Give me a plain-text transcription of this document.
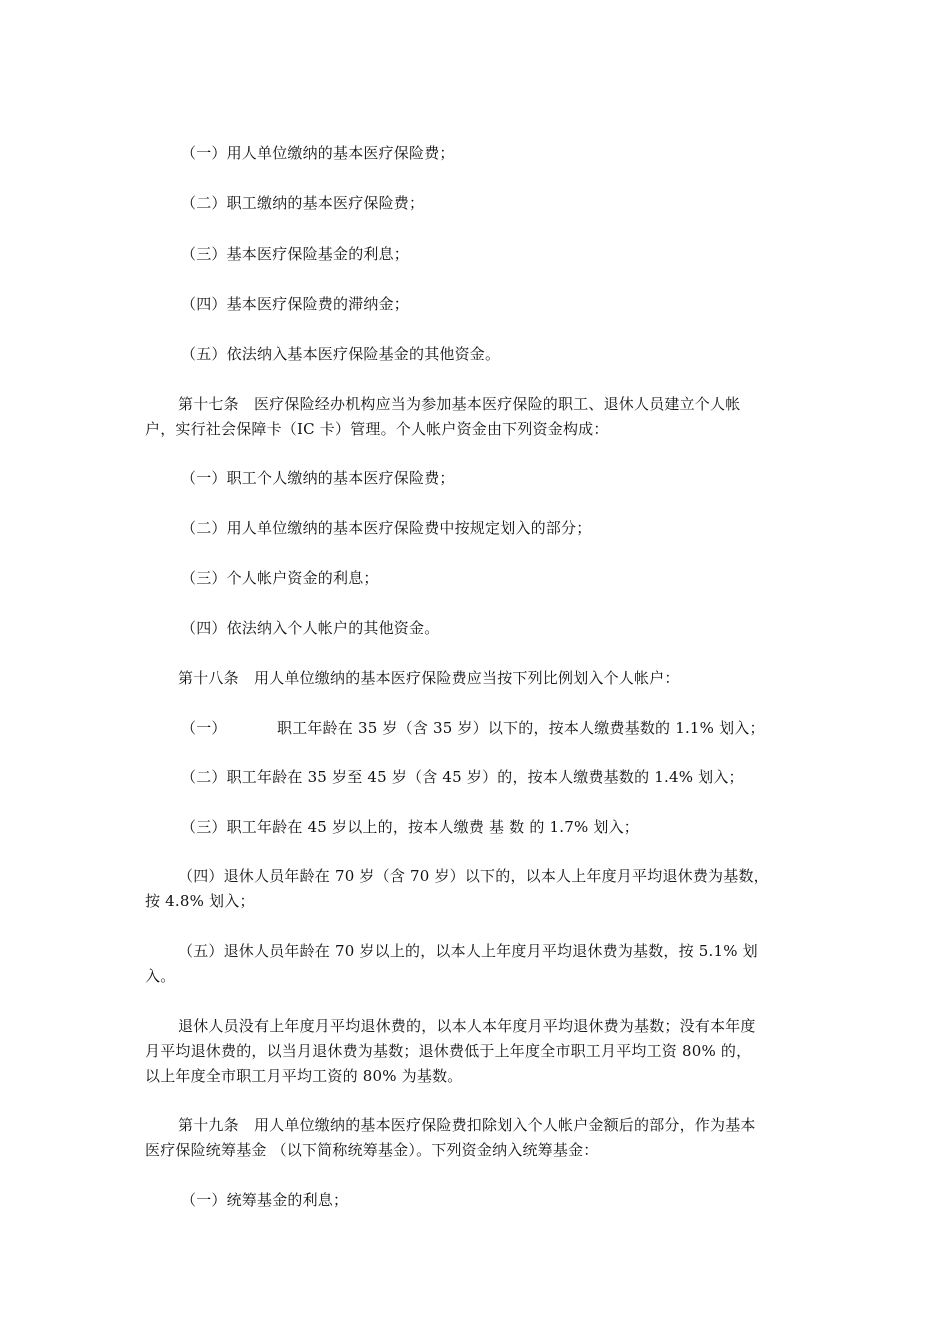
（一）用人单位缴纳的基本医疗保险费；
（二）职工缴纳的基本医疗保险费；
（三）基本医疗保险基金的利息；
（四）基本医疗保险费的滞纳金；
（五）依法纳入基本医疗保险基金的其他资金。
第十七条　医疗保险经办机构应当为参加基本医疗保险的职工、退休人员建立个人帐
户，实行社会保障卡（IC 卡）管理。个人帐户资金由下列资金构成：
（一）职工个人缴纳的基本医疗保险费；
（二）用人单位缴纳的基本医疗保险费中按规定划入的部分；
（三）个人帐户资金的利息；
（四）依法纳入个人帐户的其他资金。
第十八条　用人单位缴纳的基本医疗保险费应当按下列比例划入个人帐户：
（一）	职工年龄在 35 岁（含 35 岁）以下的，按本人缴费基数的 1.1% 划入；
（二）职工年龄在 35 岁至 45 岁（含 45 岁）的，按本人缴费基数的 1.4% 划入；
（三）职工年龄在 45 岁以上的，按本人缴费 基 数 的 1.7% 划入；
（四）退休人员年龄在 70 岁（含 70 岁）以下的，以本人上年度月平均退休费为基数，
按 4.8% 划入；
（五）退休人员年龄在 70 岁以上的，以本人上年度月平均退休费为基数，按 5.1% 划
入。
退休人员没有上年度月平均退休费的，以本人本年度月平均退休费为基数；没有本年度
月平均退休费的，以当月退休费为基数；退休费低于上年度全市职工月平均工资 80% 的，
以上年度全市职工月平均工资的 80% 为基数。
第十九条　用人单位缴纳的基本医疗保险费扣除划入个人帐户金额后的部分，作为基本
医疗保险统筹基金 （以下简称统筹基金）。下列资金纳入统筹基金：
（一）统筹基金的利息；
